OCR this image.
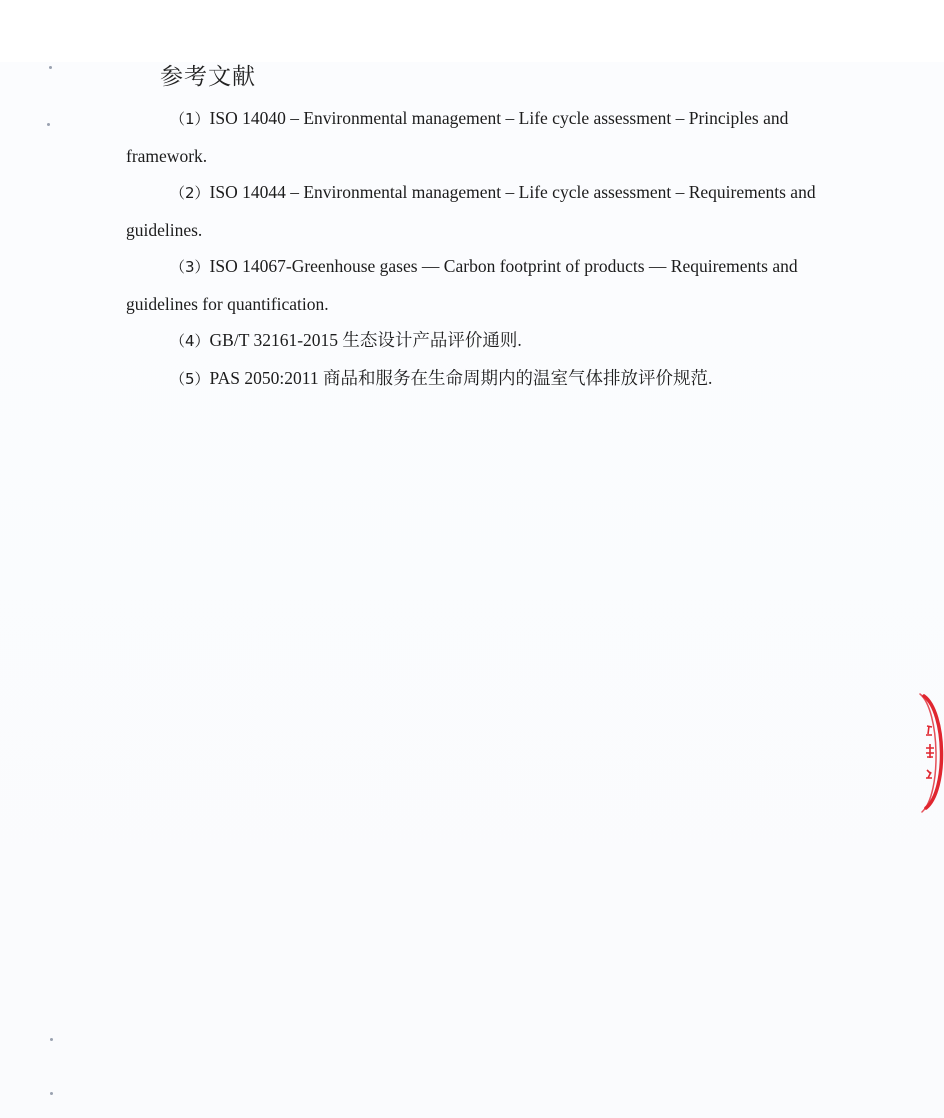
参考文献

（1）ISO 14040 – Environmental management – Life cycle assessment – Principles and framework.

（2）ISO 14044 – Environmental management – Life cycle assessment – Requirements and guidelines.

（3）ISO 14067-Greenhouse gases — Carbon footprint of products — Requirements and guidelines for quantification.

（4）GB/T 32161-2015 生态设计产品评价通则.

（5）PAS 2050:2011 商品和服务在生命周期内的温室气体排放评价规范.
